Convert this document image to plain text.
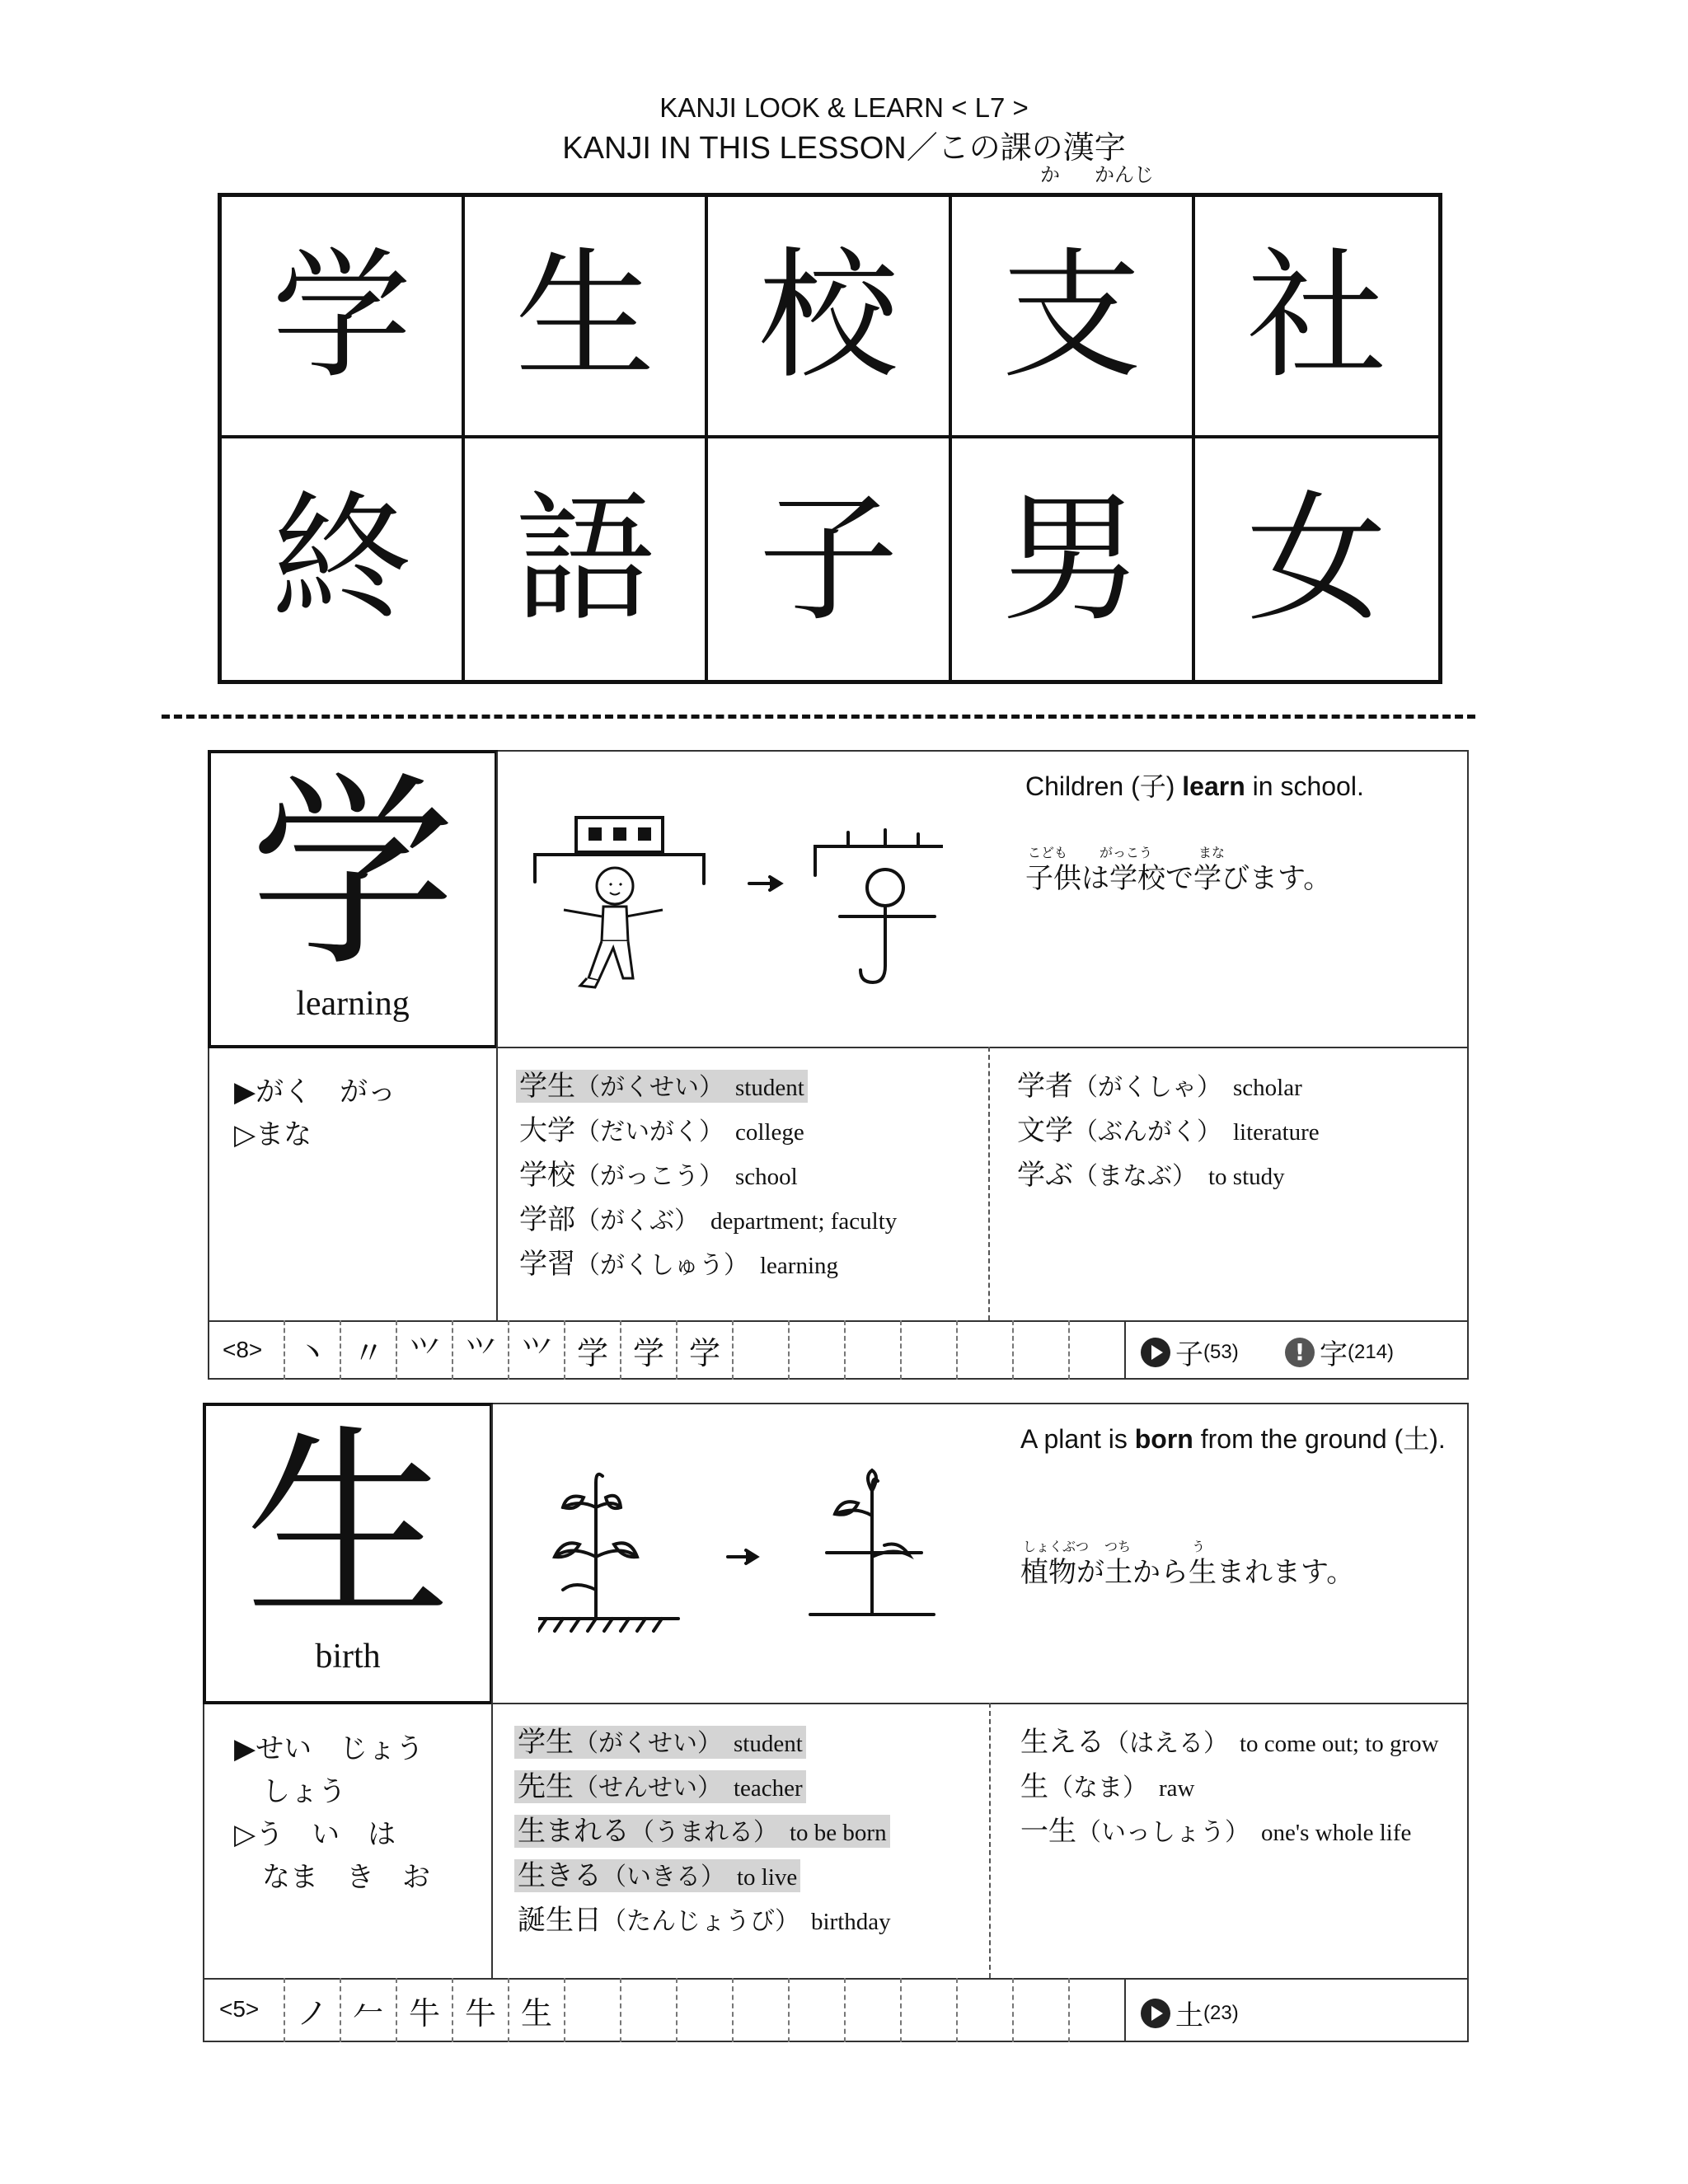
KANJI LOOK & LEARN < L7 >
KANJI IN THIS LESSON／この課の漢字
か かんじ
学 生 校 支 社
終 語 子 男 女
学
learning
Children (子) learn in school.
こども がっこう	まな
子供は学校で学びます。
▶がく　がっ
▷まな
学生（がくせい） student
大学（だいがく） college
学校（がっこう） school
学部（がくぶ） department; faculty
学習（がくしゅう） learning
学者（がくしゃ） scholar
文学（ぶんがく） literature
学ぶ（まなぶ） to study
<8>	丶 〃 ⺍ 𭕄 ⺍ 学 学 学	子 (53)	! 字 (214)
生
birth
A plant is born from the ground (土).
しょくぶつ つち	う
植物が土から生まれます。
▶せい　じょう
しょう
▷う　い　は
なま　き　お
学生（がくせい） student
先生（せんせい） teacher
生まれる（うまれる） to be born
生きる（いきる） to live
誕生日（たんじょうび） birthday
生える（はえる） to come out; to grow
生（なま） raw
一生（いっしょう） one's whole life
<5>	ノ 𠂉 牛 牛 生	土 (23)
